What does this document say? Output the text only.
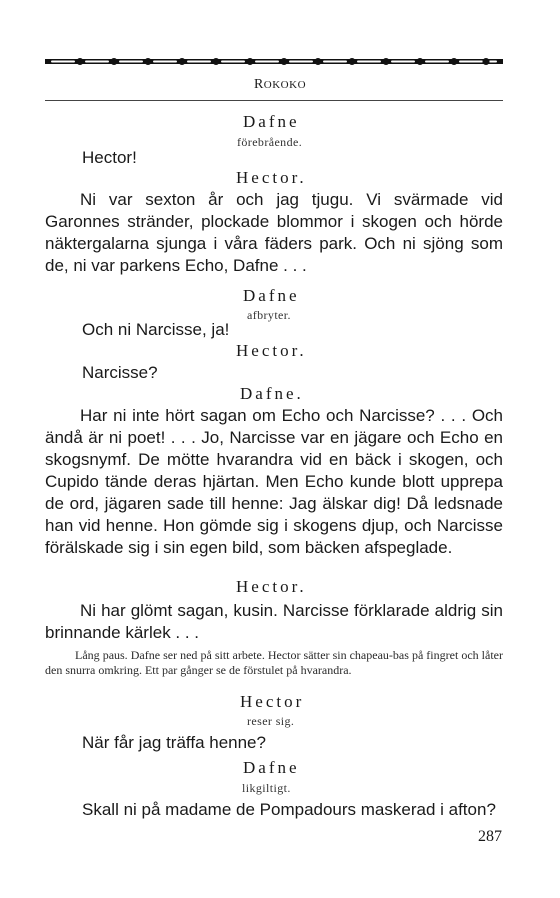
ROKOKO
Dafne
förebrående.
Hector!
Hector.
Ni var sexton år och jag tjugu. Vi svärmade vid Garonnes stränder, plockade blommor i skogen och hörde näktergalarna sjunga i våra fäders park. Och ni sjöng som de, ni var parkens Echo, Dafne . . .
Dafne
afbryter.
Och ni Narcisse, ja!
Hector.
Narcisse?
Dafne.
Har ni inte hört sagan om Echo och Narcisse? . . . Och ändå är ni poet! . . . Jo, Narcisse var en jägare och Echo en skogsnymf. De mötte hvarandra vid en bäck i skogen, och Cupido tände deras hjärtan. Men Echo kunde blott upprepa de ord, jägaren sade till henne: Jag älskar dig! Då ledsnade han vid henne. Hon gömde sig i skogens djup, och Narcisse förälskade sig i sin egen bild, som bäcken afspeglade.
Hector.
Ni har glömt sagan, kusin. Narcisse förklarade aldrig sin brinnande kärlek . . .
Lång paus. Dafne ser ned på sitt arbete. Hector sätter sin chapeau-bas på fingret och låter den snurra omkring. Ett par gånger se de förstulet på hvarandra.
Hector
reser sig.
När får jag träffa henne?
Dafne
likgiltigt.
Skall ni på madame de Pompadours maskerad i afton?
287
